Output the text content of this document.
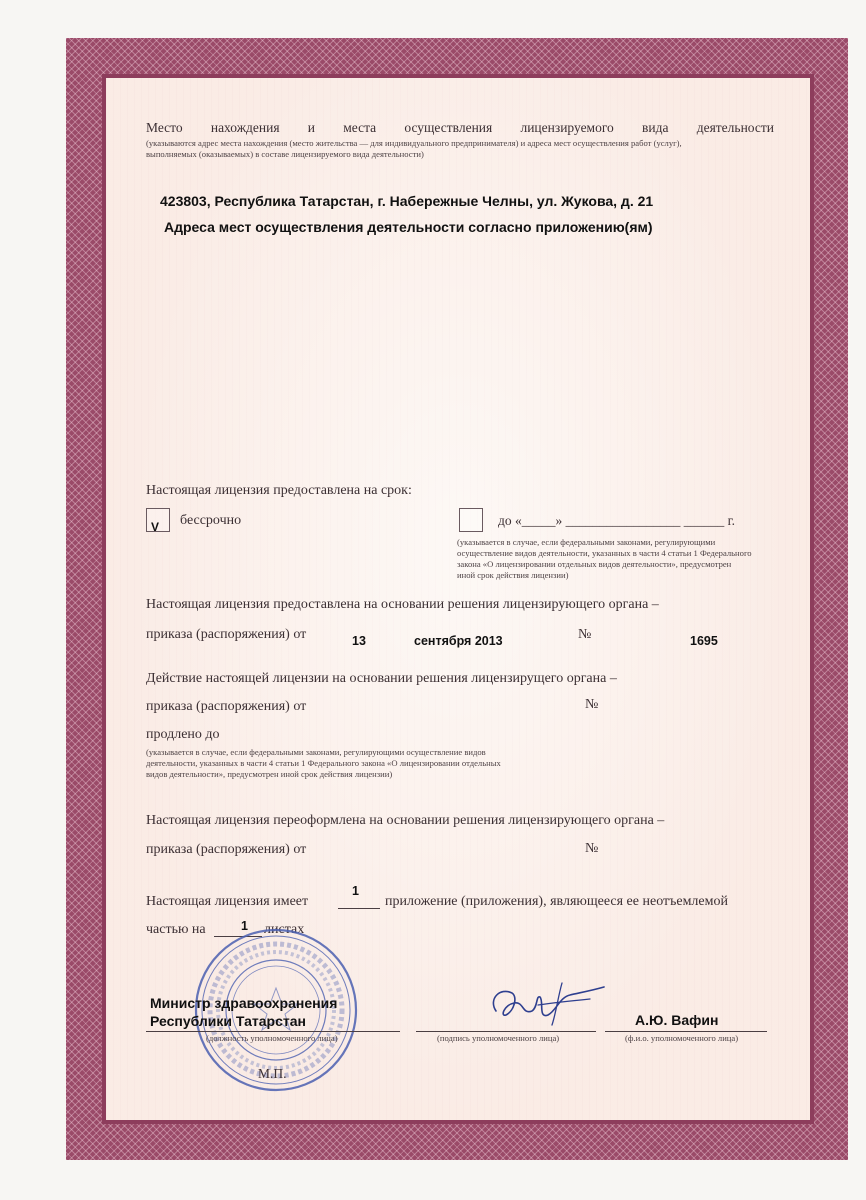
Место нахождения и места осуществления лицензируемого вида деятельности
(указываются адрес места нахождения (место жительства — для индивидуального предпринимателя) и адреса мест осуществления работ (услуг),
выполняемых (оказываемых) в составе лицензируемого вида деятельности)
423803, Республика Татарстан, г. Набережные Челны, ул. Жукова, д. 21
Адреса мест осуществления деятельности согласно приложению(ям)
Настоящая лицензия предоставлена на срок:
V бессрочно	до «_____» _________________ ______ г.
(указывается в случае, если федеральными законами, регулирующими
осуществление видов деятельности, указанных в части 4 статьи 1 Федерального
закона «О лицензировании отдельных видов деятельности», предусмотрен
иной срок действия лицензии)
Настоящая лицензия предоставлена на основании решения лицензирующего органа –
приказа (распоряжения) от	13	сентября 2013	№	1695
Действие настоящей лицензии на основании решения лицензирущего органа –
приказа (распоряжения) от	№
продлено до
(указывается в случае, если федеральными законами, регулирующими осуществление видов
деятельности, указанных в части 4 статьи 1 Федерального закона «О лицензировании отдельных
видов деятельности», предусмотрен иной срок действия лицензии)
Настоящая лицензия переоформлена на основании решения лицензирующего органа –
приказа (распоряжения) от	№
Настоящая лицензия имеет
1
приложение (приложения), являющееся ее неотъемлемой
частью на	1 листах
Министр здравоохранения
Республики Татарстан
(должность уполномоченного лица)	(подпись уполномоченного лица)
А.Ю. Вафин
(ф.и.о. уполномоченного лица)
М.П.
